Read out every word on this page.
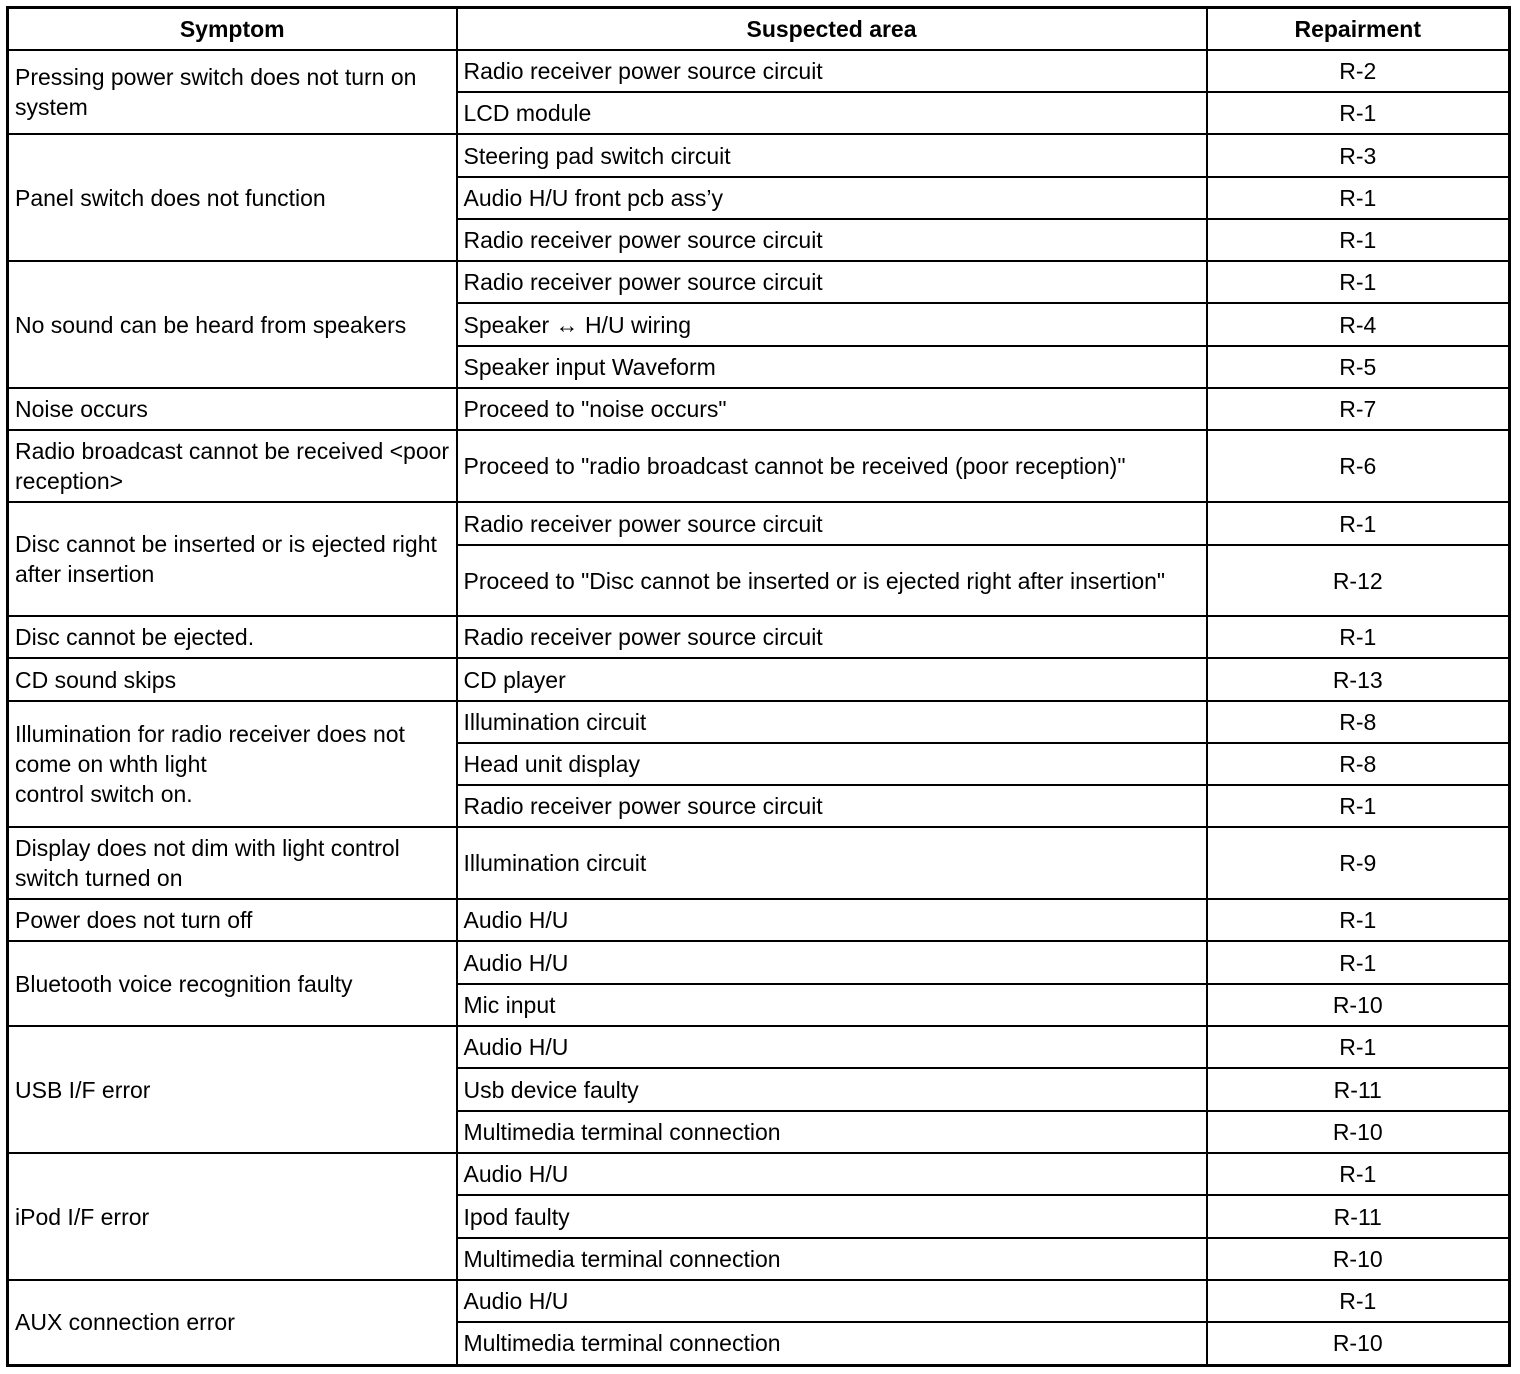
Symptom	Suspected area	Repairment
Pressing power switch does not turn on system	Radio receiver power source circuit	R-2
	LCD module	R-1
Panel switch does not function	Steering pad switch circuit	R-3
	Audio H/U front pcb ass’y	R-1
	Radio receiver power source circuit	R-1
No sound can be heard from speakers	Radio receiver power source circuit	R-1
	Speaker ↔ H/U wiring	R-4
	Speaker input Waveform	R-5
Noise occurs	Proceed to "noise occurs"	R-7
Radio broadcast cannot be received <poor reception>	Proceed to "radio broadcast cannot be received (poor reception)"	R-6
Disc cannot be inserted or is ejected right after insertion	Radio receiver power source circuit	R-1
	Proceed to "Disc cannot be inserted or is ejected right after insertion"	R-12
Disc cannot be ejected.	Radio receiver power source circuit	R-1
CD sound skips	CD player	R-13
Illumination for radio receiver does not come on whth light
control switch on.	Illumination circuit	R-8
	Head unit display	R-8
	Radio receiver power source circuit	R-1
Display does not dim with light control switch turned on	Illumination circuit	R-9
Power does not turn off	Audio H/U	R-1
Bluetooth voice recognition faulty	Audio H/U	R-1
	Mic input	R-10
USB I/F error	Audio H/U	R-1
	Usb device faulty	R-11
	Multimedia terminal connection	R-10
iPod I/F error	Audio H/U	R-1
	Ipod faulty	R-11
	Multimedia terminal connection	R-10
AUX connection error	Audio H/U	R-1
	Multimedia terminal connection	R-10
